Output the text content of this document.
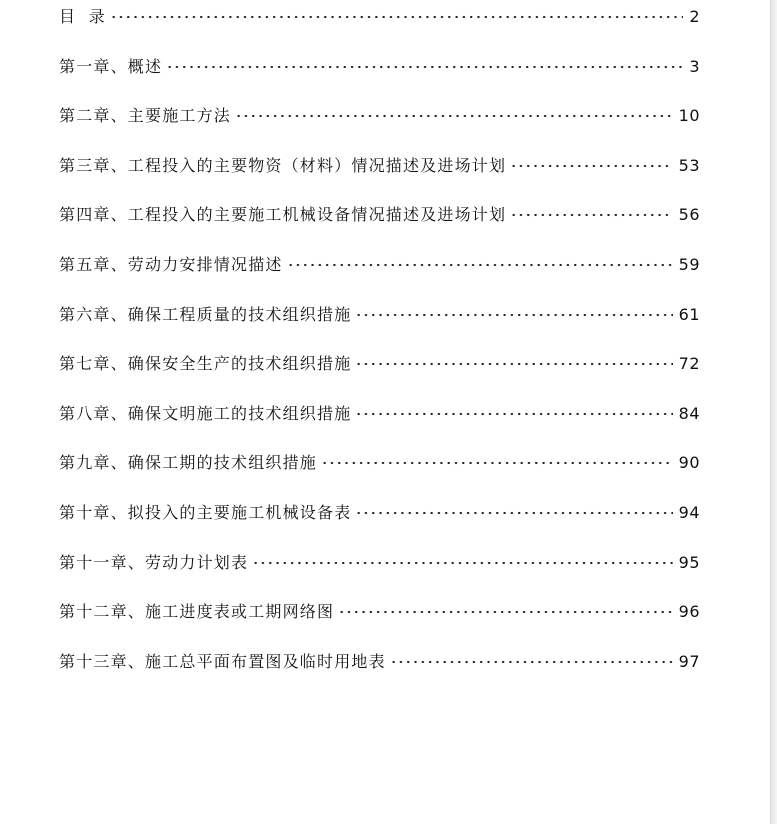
目  录	2
第一章、概述	3
第二章、主要施工方法	10
第三章、工程投入的主要物资（材料）情况描述及进场计划	53
第四章、工程投入的主要施工机械设备情况描述及进场计划	56
第五章、劳动力安排情况描述	59
第六章、确保工程质量的技术组织措施	61
第七章、确保安全生产的技术组织措施	72
第八章、确保文明施工的技术组织措施	84
第九章、确保工期的技术组织措施	90
第十章、拟投入的主要施工机械设备表	94
第十一章、劳动力计划表	95
第十二章、施工进度表或工期网络图	96
第十三章、施工总平面布置图及临时用地表	97
